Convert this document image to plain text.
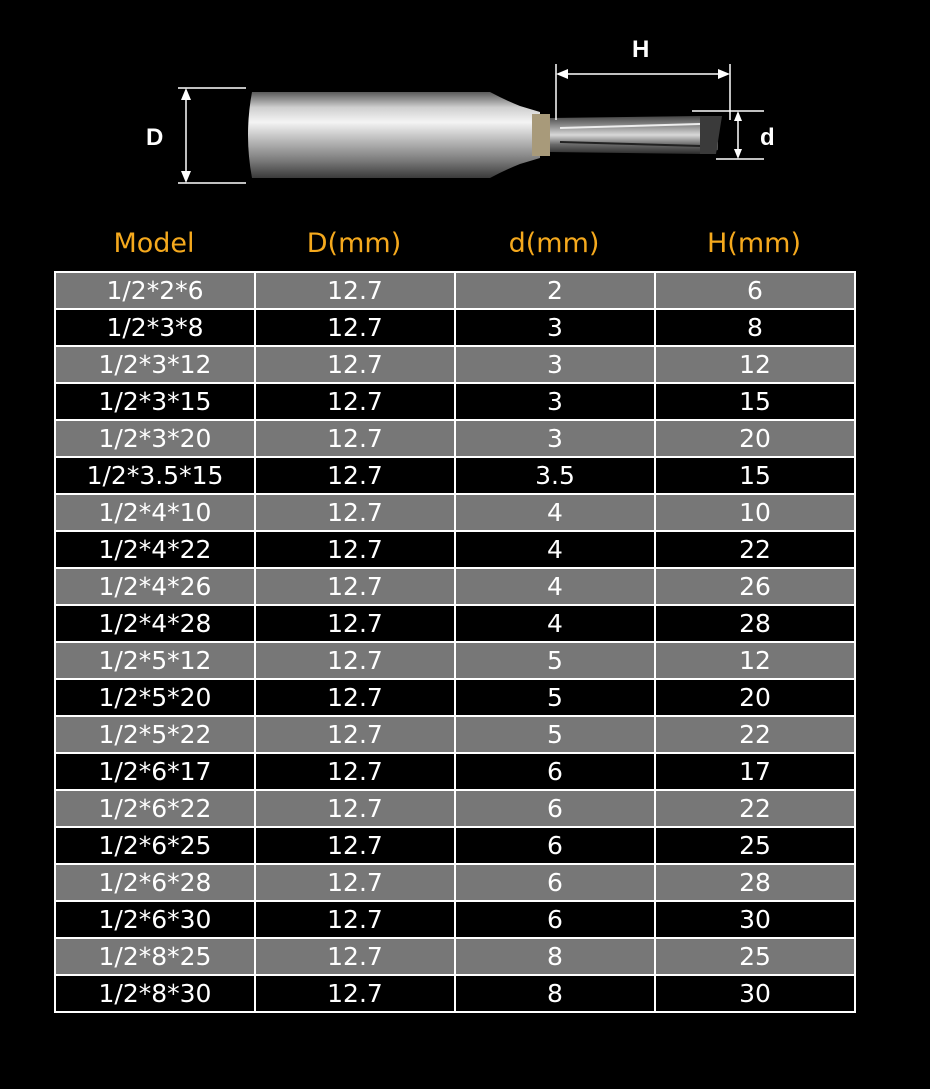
D
H
d
Model	D(mm)	d(mm)	H(mm)
1/2*2*6	12.7	2	6
1/2*3*8	12.7	3	8
1/2*3*12	12.7	3	12
1/2*3*15	12.7	3	15
1/2*3*20	12.7	3	20
1/2*3.5*15	12.7	3.5	15
1/2*4*10	12.7	4	10
1/2*4*22	12.7	4	22
1/2*4*26	12.7	4	26
1/2*4*28	12.7	4	28
1/2*5*12	12.7	5	12
1/2*5*20	12.7	5	20
1/2*5*22	12.7	5	22
1/2*6*17	12.7	6	17
1/2*6*22	12.7	6	22
1/2*6*25	12.7	6	25
1/2*6*28	12.7	6	28
1/2*6*30	12.7	6	30
1/2*8*25	12.7	8	25
1/2*8*30	12.7	8	30
